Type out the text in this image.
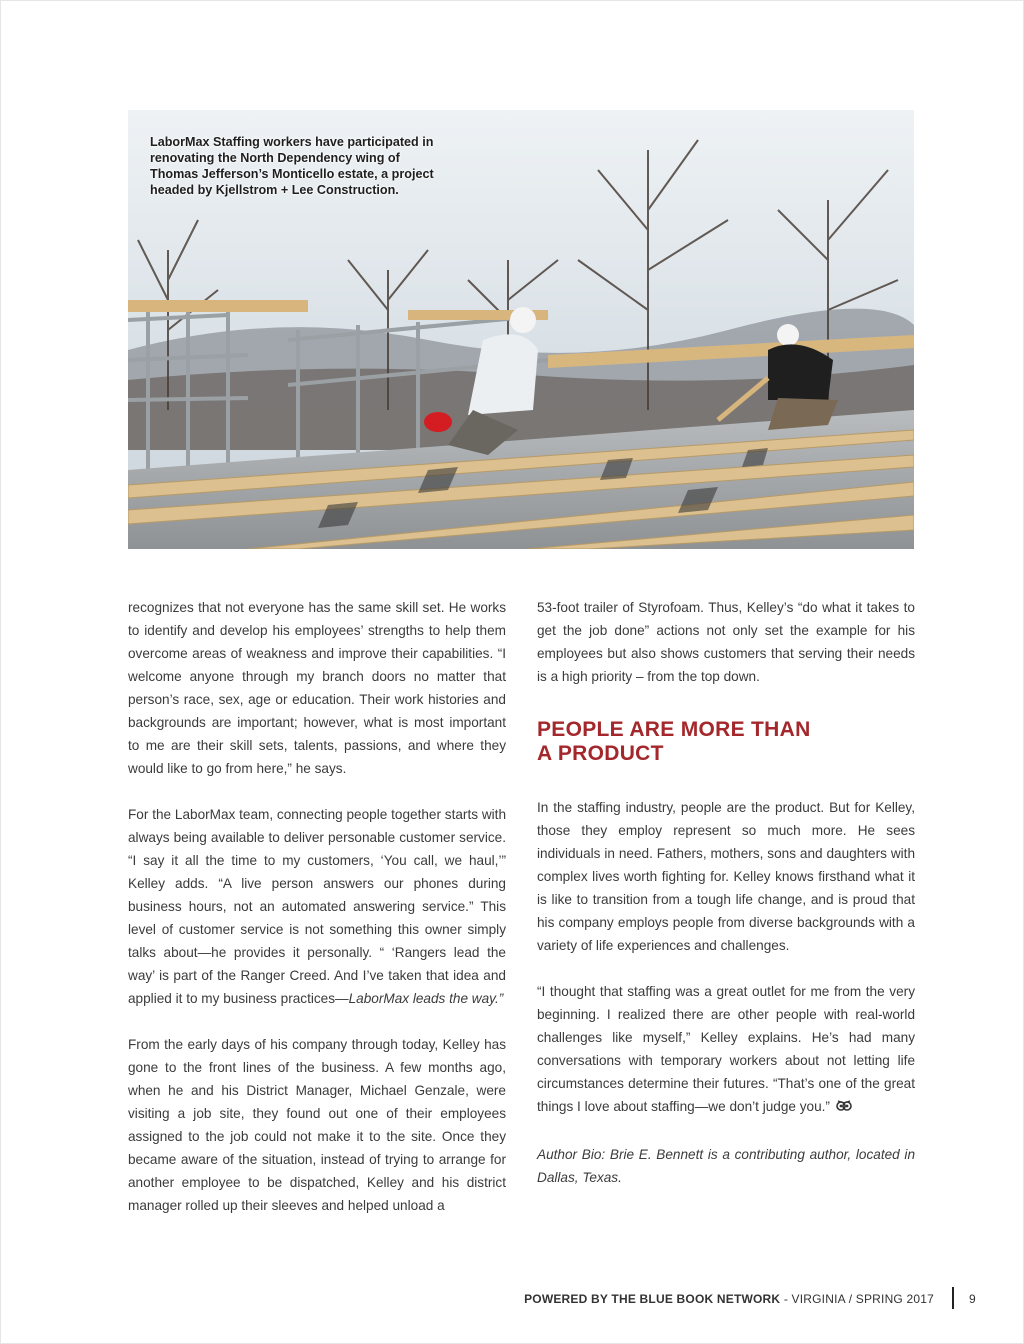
LaborMax Staffing workers have participated in renovating the North Dependency wing of Thomas Jefferson’s Monticello estate, a project headed by Kjellstrom + Lee Construction.

recognizes that not everyone has the same skill set. He works to identify and develop his employees’ strengths to help them overcome areas of weakness and improve their capabilities. “I welcome anyone through my branch doors no matter that person’s race, sex, age or education. Their work histories and backgrounds are important; however, what is most important to me are their skill sets, talents, passions, and where they would like to go from here,” he says.

For the LaborMax team, connecting people together starts with always being available to deliver personable customer service. “I say it all the time to my customers, ‘You call, we haul,’” Kelley adds. “A live person answers our phones during business hours, not an automated answering service.” This level of customer service is not something this owner simply talks about—he provides it personally. “ ‘Rangers lead the way’ is part of the Ranger Creed. And I’ve taken that idea and applied it to my business practices—LaborMax leads the way.”

From the early days of his company through today, Kelley has gone to the front lines of the business. A few months ago, when he and his District Manager, Michael Genzale, were visiting a job site, they found out one of their employees assigned to the job could not make it to the site. Once they became aware of the situation, instead of trying to arrange for another employee to be dispatched, Kelley and his district manager rolled up their sleeves and helped unload a

53-foot trailer of Styrofoam. Thus, Kelley’s “do what it takes to get the job done” actions not only set the example for his employees but also shows customers that serving their needs is a high priority – from the top down.

PEOPLE ARE MORE THAN
A PRODUCT

In the staffing industry, people are the product. But for Kelley, those they employ represent so much more. He sees individuals in need. Fathers, mothers, sons and daughters with complex lives worth fighting for. Kelley knows firsthand what it is like to transition from a tough life change, and is proud that his company employs people from diverse backgrounds with a variety of life experiences and challenges.

“I thought that staffing was a great outlet for me from the very beginning. I realized there are other people with real-world challenges like myself,” Kelley explains. He’s had many conversations with temporary workers about not letting life circumstances determine their futures. “That’s one of the great things I love about staffing—we don’t judge you.”

Author Bio: Brie E. Bennett is a contributing author, located in Dallas, Texas.

POWERED BY THE BLUE BOOK NETWORK - VIRGINIA / SPRING 2017	9
